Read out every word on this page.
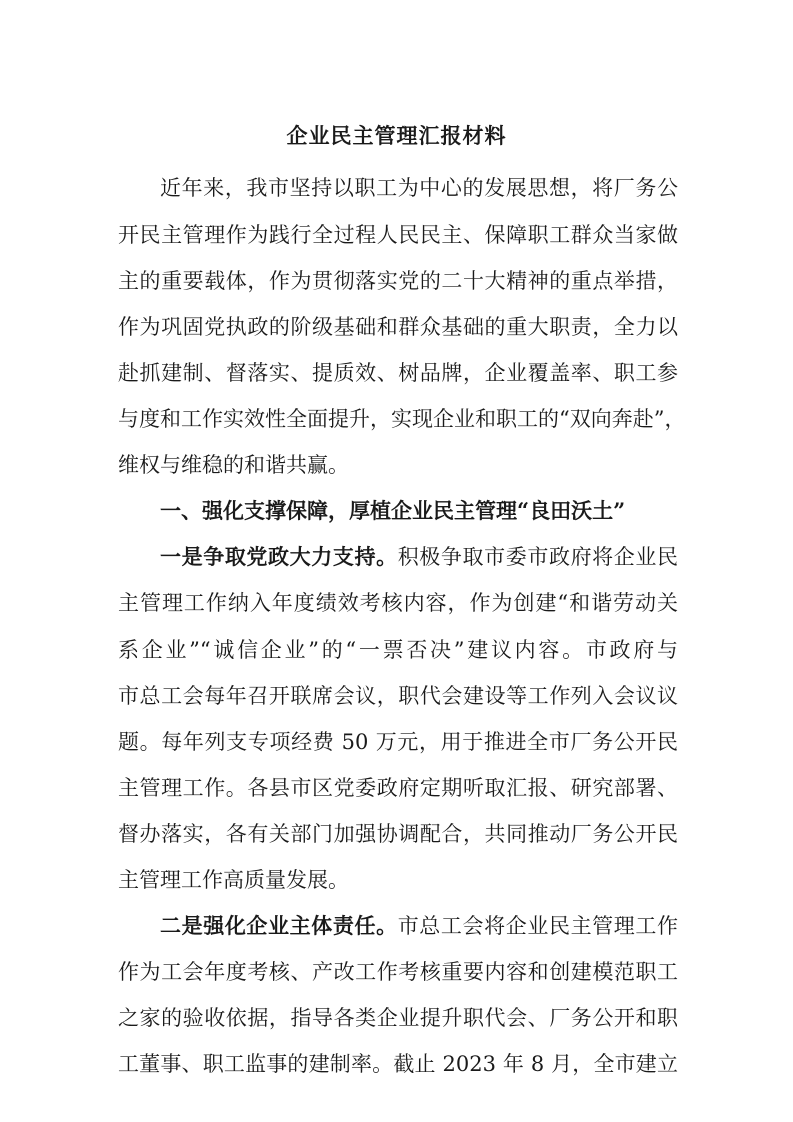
企业民主管理汇报材料
近年来，我市坚持以职工为中心的发展思想，将厂务公
开民主管理作为践行全过程人民民主、保障职工群众当家做
主的重要载体，作为贯彻落实党的二十大精神的重点举措，
作为巩固党执政的阶级基础和群众基础的重大职责，全力以
赴抓建制、督落实、提质效、树品牌，企业覆盖率、职工参
与度和工作实效性全面提升，实现企业和职工的“双向奔赴”，
维权与维稳的和谐共赢。
一、强化支撑保障，厚植企业民主管理“良田沃土”
一是争取党政大力支持。积极争取市委市政府将企业民
主管理工作纳入年度绩效考核内容，作为创建“和谐劳动关
系企业”“诚信企业”的“一票否决”建议内容。市政府与
市总工会每年召开联席会议，职代会建设等工作列入会议议
题。每年列支专项经费 50 万元，用于推进全市厂务公开民
主管理工作。各县市区党委政府定期听取汇报、研究部署、
督办落实，各有关部门加强协调配合，共同推动厂务公开民
主管理工作高质量发展。
二是强化企业主体责任。市总工会将企业民主管理工作
作为工会年度考核、产改工作考核重要内容和创建模范职工
之家的验收依据，指导各类企业提升职代会、厂务公开和职
工董事、职工监事的建制率。截止 2023 年 8 月，全市建立
